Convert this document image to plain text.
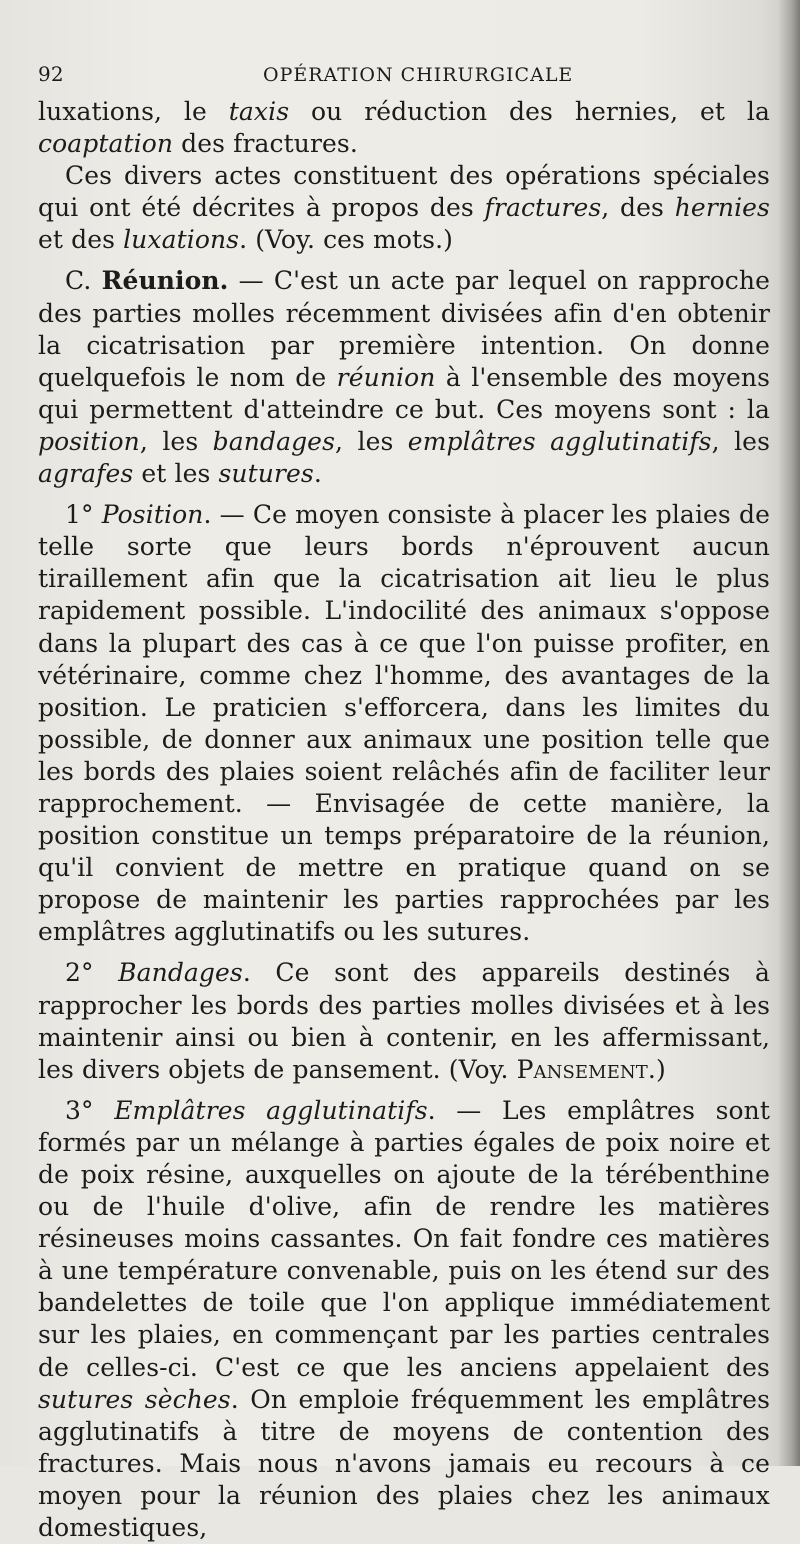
92	OPÉRATION CHIRURGICALE

luxations, le taxis ou réduction des hernies, et la coaptation des fractures.

Ces divers actes constituent des opérations spéciales qui ont été décrites à propos des fractures, des hernies et des luxations. (Voy. ces mots.)

C. Réunion. — C'est un acte par lequel on rapproche des parties molles récemment divisées afin d'en obtenir la cicatrisation par première intention. On donne quelquefois le nom de réunion à l'ensemble des moyens qui permettent d'atteindre ce but. Ces moyens sont : la position, les bandages, les emplâtres agglutinatifs, les agrafes et les sutures.

1° Position. — Ce moyen consiste à placer les plaies de telle sorte que leurs bords n'éprouvent aucun tiraillement afin que la cicatrisation ait lieu le plus rapidement possible. L'indocilité des animaux s'oppose dans la plupart des cas à ce que l'on puisse profiter, en vétérinaire, comme chez l'homme, des avantages de la position. Le praticien s'efforcera, dans les limites du possible, de donner aux animaux une position telle que les bords des plaies soient relâchés afin de faciliter leur rapprochement. — Envisagée de cette manière, la position constitue un temps préparatoire de la réunion, qu'il convient de mettre en pratique quand on se propose de maintenir les parties rapprochées par les emplâtres agglutinatifs ou les sutures.

2° Bandages. Ce sont des appareils destinés à rapprocher les bords des parties molles divisées et à les maintenir ainsi ou bien à contenir, en les affermissant, les divers objets de pansement. (Voy. Pansement.)

3° Emplâtres agglutinatifs. — Les emplâtres sont formés par un mélange à parties égales de poix noire et de poix résine, auxquelles on ajoute de la térébenthine ou de l'huile d'olive, afin de rendre les matières résineuses moins cassantes. On fait fondre ces matières à une température convenable, puis on les étend sur des bandelettes de toile que l'on applique immédiatement sur les plaies, en commençant par les parties centrales de celles-ci. C'est ce que les anciens appelaient des sutures sèches. On emploie fréquemment les emplâtres agglutinatifs à titre de moyens de contention des fractures. Mais nous n'avons jamais eu recours à ce moyen pour la réunion des plaies chez les animaux domestiques,
